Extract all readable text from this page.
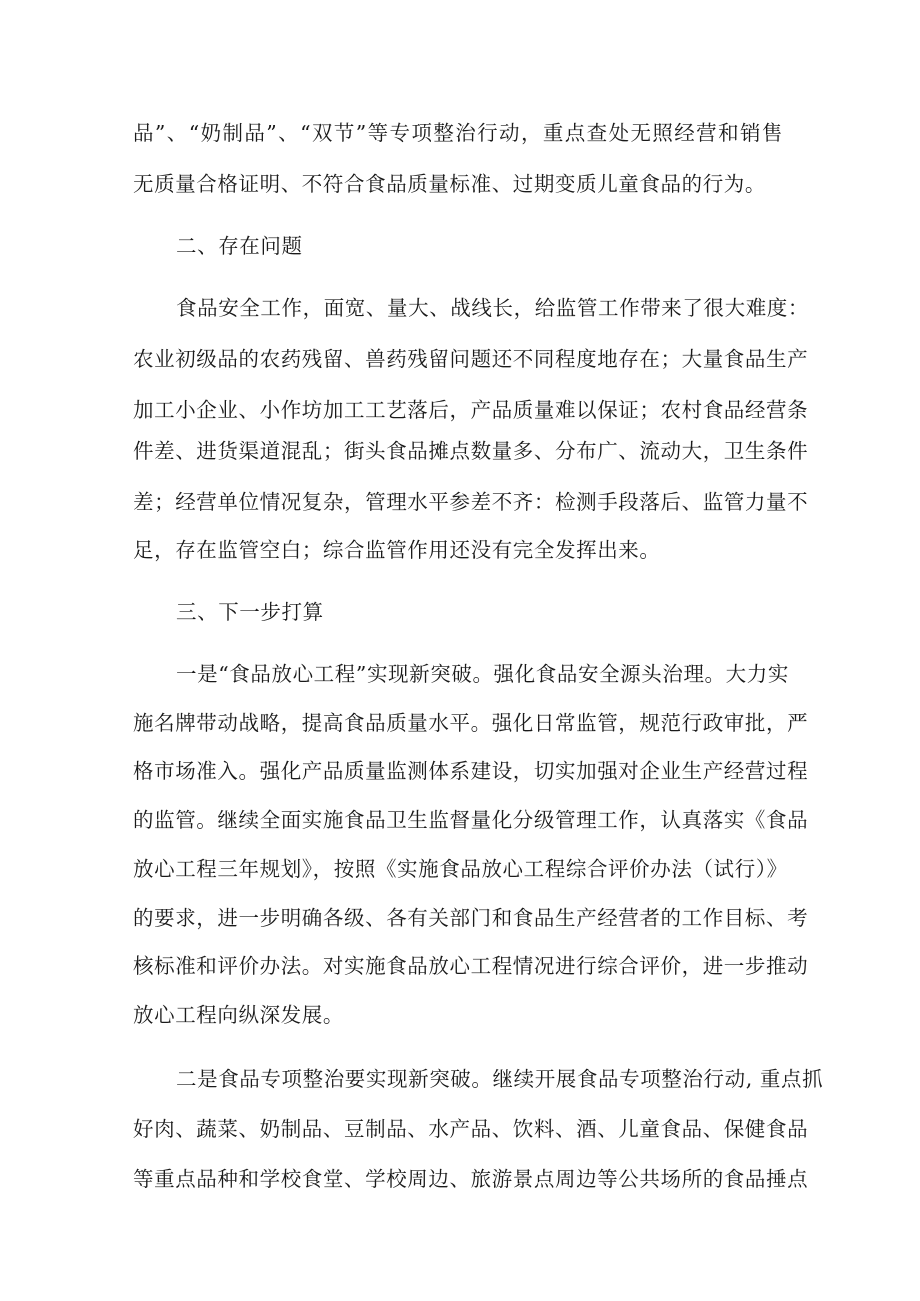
品”、“奶制品”、“双节”等专项整治行动，重点查处无照经营和销售
无质量合格证明、不符合食品质量标准、过期变质儿童食品的行为。
二、存在问题
食品安全工作，面宽、量大、战线长，给监管工作带来了很大难度：
农业初级品的农药残留、兽药残留问题还不同程度地存在；大量食品生产
加工小企业、小作坊加工工艺落后，产品质量难以保证；农村食品经营条
件差、进货渠道混乱；街头食品摊点数量多、分布广、流动大，卫生条件
差；经营单位情况复杂，管理水平参差不齐：检测手段落后、监管力量不
足，存在监管空白；综合监管作用还没有完全发挥出来。
三、下一步打算
一是“食品放心工程”实现新突破。强化食品安全源头治理。大力实
施名牌带动战略，提高食品质量水平。强化日常监管，规范行政审批，严
格市场准入。强化产品质量监测体系建设，切实加强对企业生产经营过程
的监管。继续全面实施食品卫生监督量化分级管理工作，认真落实《食品
放心工程三年规划》，按照《实施食品放心工程综合评价办法（试行）》
的要求，进一步明确各级、各有关部门和食品生产经营者的工作目标、考
核标准和评价办法。对实施食品放心工程情况进行综合评价，进一步推动
放心工程向纵深发展。
二是食品专项整治要实现新突破。继续开展食品专项整治行动, 重点抓
好肉、蔬菜、奶制品、豆制品、水产品、饮料、酒、儿童食品、保健食品
等重点品种和学校食堂、学校周边、旅游景点周边等公共场所的食品捶点
